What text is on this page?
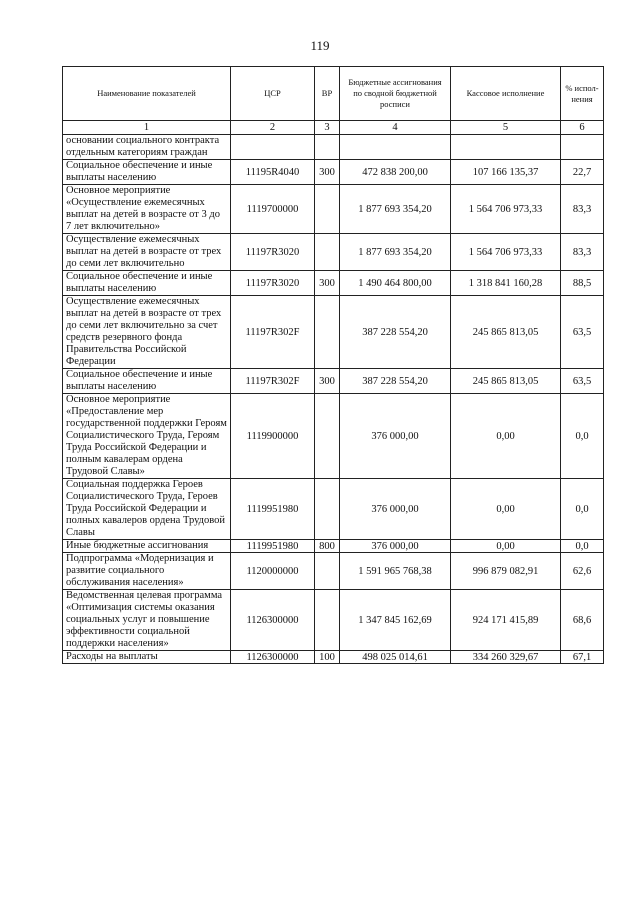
119
Наименование показателей	ЦСР	ВР	Бюджетные ассигнования по сводной бюджетной росписи	Кассовое исполнение	% испол-нения
1	2	3	4	5	6
основании социального контракта отдельным категориям граждан					
Социальное обеспечение и иные выплаты населению	11195R4040	300	472 838 200,00	107 166 135,37	22,7
Основное мероприятие «Осуществление ежемесячных выплат на детей в возрасте от 3 до 7 лет включительно»	1119700000		1 877 693 354,20	1 564 706 973,33	83,3
Осуществление ежемесячных выплат на детей в возрасте от трех до семи лет включительно	11197R3020		1 877 693 354,20	1 564 706 973,33	83,3
Социальное обеспечение и иные выплаты населению	11197R3020	300	1 490 464 800,00	1 318 841 160,28	88,5
Осуществление ежемесячных выплат на детей в возрасте от трех до семи лет включительно за счет средств резервного фонда Правительства Российской Федерации	11197R302F		387 228 554,20	245 865 813,05	63,5
Социальное обеспечение и иные выплаты населению	11197R302F	300	387 228 554,20	245 865 813,05	63,5
Основное мероприятие «Предоставление мер государственной поддержки Героям Социалистического Труда, Героям Труда Российской Федерации и полным кавалерам ордена Трудовой Славы»	1119900000		376 000,00	0,00	0,0
Социальная поддержка Героев Социалистического Труда, Героев Труда Российской Федерации и полных кавалеров ордена Трудовой Славы	1119951980		376 000,00	0,00	0,0
Иные бюджетные ассигнования	1119951980	800	376 000,00	0,00	0,0
Подпрограмма «Модернизация и развитие социального обслуживания населения»	1120000000		1 591 965 768,38	996 879 082,91	62,6
Ведомственная целевая программа «Оптимизация системы оказания социальных услуг и повышение эффективности социальной поддержки населения»	1126300000		1 347 845 162,69	924 171 415,89	68,6
Расходы на выплаты	1126300000	100	498 025 014,61	334 260 329,67	67,1
